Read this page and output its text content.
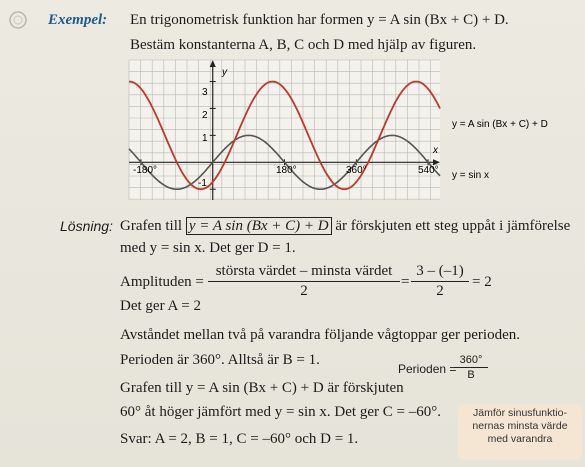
Exempel: En trigonometrisk funktion har formen y = A sin (Bx + C) + D.
Bestäm konstanterna A, B, C och D med hjälp av figuren.
y
x
3
2
1
-1
-180°	180°	360°	540°
y = A sin (Bx + C) + D
y = sin x
Lösning: Grafen till y = A sin (Bx + C) + D är förskjuten ett steg uppåt i jämförelse
med y = sin x. Det ger D = 1.
Amplituden =
största värdet – minsta värdet
2
= $\frac{3 - (-1)}{2} = 2$
Det ger A = 2
Avståndet mellan två på varandra följande vågtoppar ger perioden.
Perioden är 360°. Alltså är B = 1.
Perioden =
$\frac{360^\circ}{B}$
Grafen till y = A sin (Bx + C) + D är förskjuten
60° åt höger jämfört med y = sin x. Det ger C = –60°.
Svar: A = 2, B = 1, C = –60° och D = 1.
Jämför sinusfunktio-
nernas minsta värde
med varandra
